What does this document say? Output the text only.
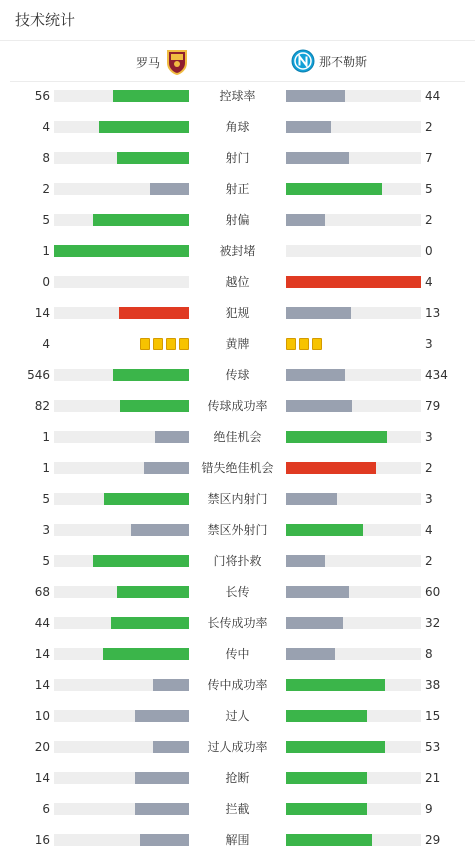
技术统计
罗马	那不勒斯
56	控球率	44
4	角球	2
8	射门	7
2	射正	5
5	射偏	2
1	被封堵	0
0	越位	4
14	犯规	13
4	黄牌	3
546	传球	434
82	传球成功率	79
1	绝佳机会	3
1	错失绝佳机会	2
5	禁区内射门	3
3	禁区外射门	4
5	门将扑救	2
68	长传	60
44	长传成功率	32
14	传中	8
14	传中成功率	38
10	过人	15
20	过人成功率	53
14	抢断	21
6	拦截	9
16	解围	29
